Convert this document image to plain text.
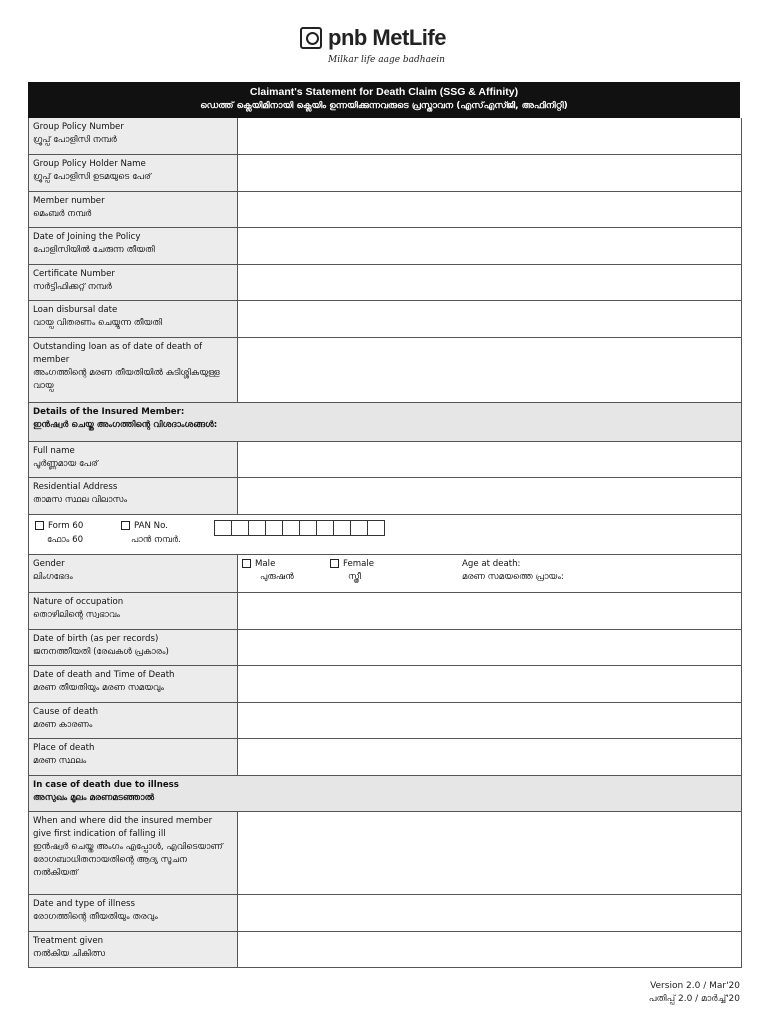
pnb MetLife
Milkar life aage badhaein
Claimant's Statement for Death Claim (SSG & Affinity)
ഡെത്ത് ക്ലെയിമിനായി ക്ലെയിം ഉന്നയിക്കുന്നവരുടെ പ്രസ്താവന (എസ്എസ്ജി, അഫിനിറ്റി)
Group Policy Number
ഗ്രൂപ്പ് പോളിസി നമ്പർ
Group Policy Holder Name
ഗ്രൂപ്പ് പോളിസി ഉടമയുടെ പേര്
Member number
മെംബർ നമ്പർ
Date of Joining the Policy
പോളിസിയിൽ ചേരുന്ന തീയതി
Certificate Number
സർട്ടിഫിക്കറ്റ് നമ്പർ
Loan disbursal date
വായ്പ വിതരണം ചെയ്യുന്ന തീയതി
Outstanding loan as of date of death of member
അംഗത്തിന്റെ മരണ തീയതിയിൽ കുടിശ്ശികയുള്ള വായ്പ
Details of the Insured Member:
ഇൻഷ്വർ ചെയ്ത അംഗത്തിന്റെ വിശദാംശങ്ങൾ:
Full name
പൂർണ്ണമായ പേര്
Residential Address
താമസ സ്ഥല വിലാസം
Form 60
ഫോം 60
PAN No.
പാൻ നമ്പർ.
Gender
ലിംഗഭേദം
Male
പുരുഷൻ
Female
സ്ത്രീ
Age at death:
മരണ സമയത്തെ പ്രായം:
Nature of occupation
തൊഴിലിന്റെ സ്വഭാവം
Date of birth (as per records)
ജനനത്തീയതി (രേഖകൾ പ്രകാരം)
Date of death and Time of Death
മരണ തീയതിയും മരണ സമയവും
Cause of death
മരണ കാരണം
Place of death
മരണ സ്ഥലം
In case of death due to illness
അസുഖം മൂലം മരണമടഞ്ഞാൽ
When and where did the insured member give first indication of falling ill
ഇൻഷ്വർ ചെയ്ത അംഗം എപ്പോൾ, എവിടെയാണ് രോഗബാധിതനായതിന്റെ ആദ്യ സൂചന നൽകിയത്
Date and type of illness
രോഗത്തിന്റെ തീയതിയും തരവും
Treatment given
നൽകിയ ചികിത്സ
Version 2.0 / Mar'20
പതിപ്പ് 2.0 / മാർച്ച്'20
